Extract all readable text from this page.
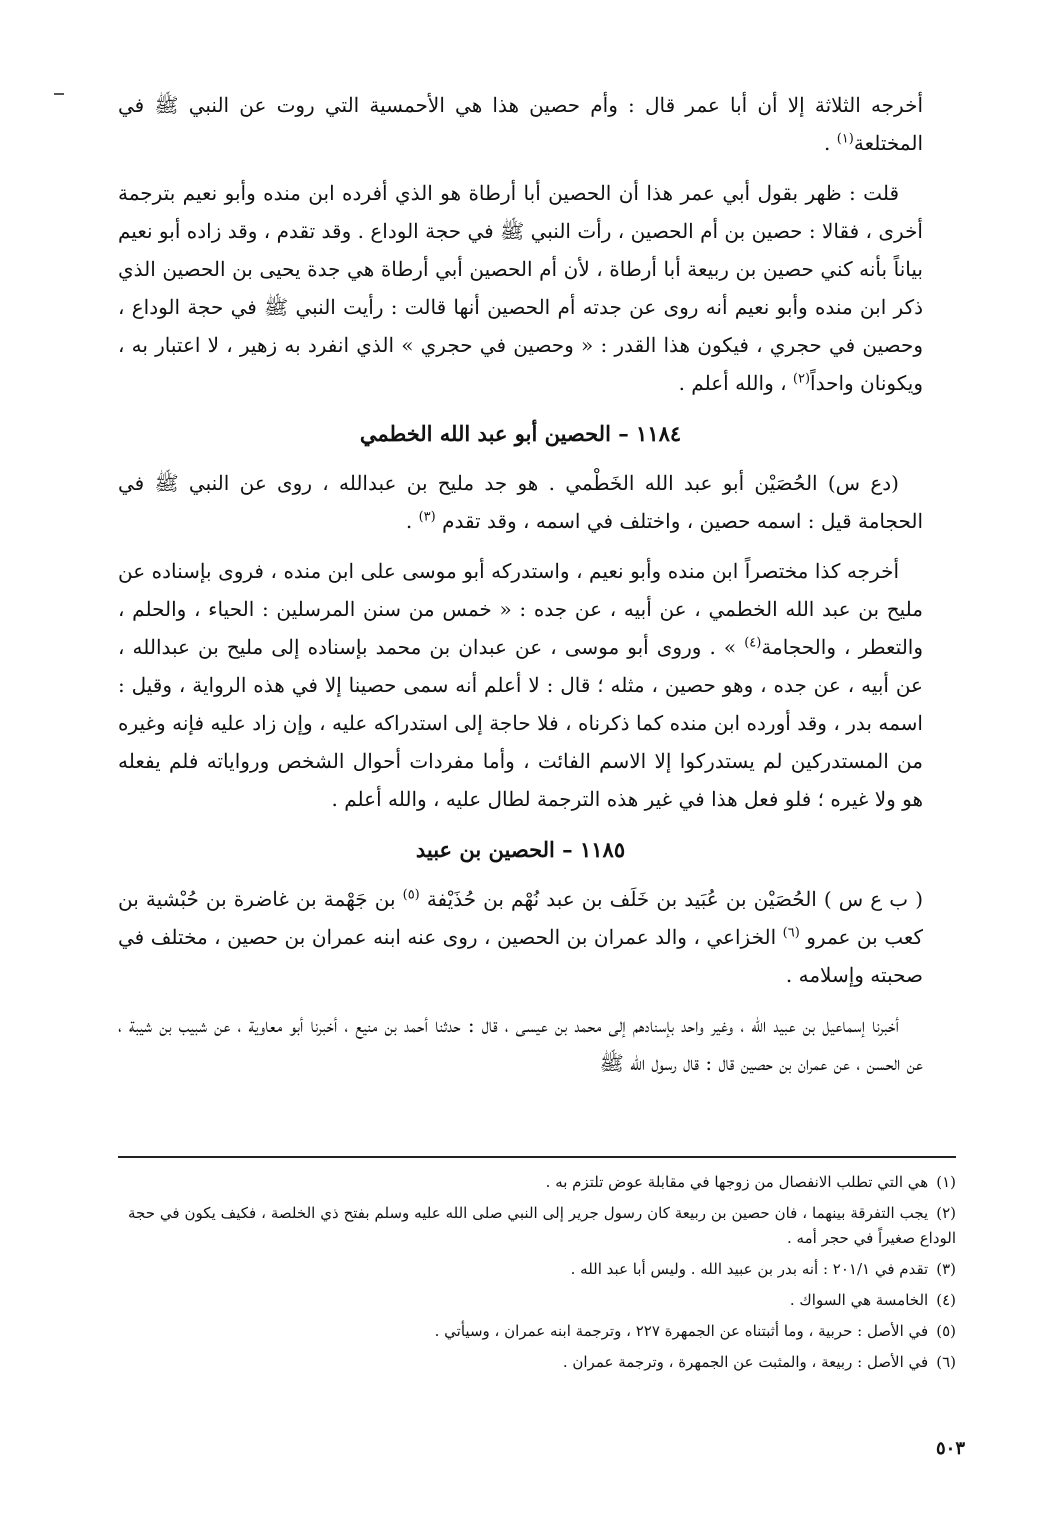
أخرجه الثلاثة إلا أن أبا عمر قال : وأم حصين هذا هي الأحمسية التي روت عن النبي ﷺ في المختلعة$^{(١)}$ .

قلت : ظهر بقول أبي عمر هذا أن الحصين أبا أرطاة هو الذي أفرده ابن منده وأبو نعيم بترجمة أخرى ، فقالا : حصين بن أم الحصين ، رأت النبي ﷺ في حجة الوداع . وقد تقدم ، وقد زاده أبو نعيم بياناً بأنه كني حصين بن ربيعة أبا أرطاة ، لأن أم الحصين أبي أرطاة هي جدة يحيى بن الحصين الذي ذكر ابن منده وأبو نعيم أنه روى عن جدته أم الحصين أنها قالت : رأيت النبي ﷺ في حجة الوداع ، وحصين في حجري ، فيكون هذا القدر : « وحصين في حجري » الذي انفرد به زهير ، لا اعتبار به ، ويكونان واحداً$^{(٢)}$ ، والله أعلم .

١١٨٤ – الحصين أبو عبد الله الخطمي

(دع س) الحُصَيْن أبو عبد الله الخَطْمي . هو جد مليح بن عبدالله ، روى عن النبي ﷺ في الحجامة قيل : اسمه حصين ، واختلف في اسمه ، وقد تقدم $^{(٣)}$ .

أخرجه كذا مختصراً ابن منده وأبو نعيم ، واستدركه أبو موسى على ابن منده ، فروى بإسناده عن مليح بن عبد الله الخطمي ، عن أبيه ، عن جده : « خمس من سنن المرسلين : الحياء ، والحلم ، والتعطر ، والحجامة$^{(٤)}$ » . وروى أبو موسى ، عن عبدان بن محمد بإسناده إلى مليح بن عبدالله ، عن أبيه ، عن جده ، وهو حصين ، مثله ؛ قال : لا أعلم أنه سمى حصينا إلا في هذه الرواية ، وقيل : اسمه بدر ، وقد أورده ابن منده كما ذكرناه ، فلا حاجة إلى استدراكه عليه ، وإن زاد عليه فإنه وغيره من المستدركين لم يستدركوا إلا الاسم الفائت ، وأما مفردات أحوال الشخص ورواياته فلم يفعله هو ولا غيره ؛ فلو فعل هذا في غير هذه الترجمة لطال عليه ، والله أعلم .

١١٨٥ – الحصين بن عبيد

( ب ع س ) الحُصَيْن بن عُبَيد بن خَلَف بن عبد نُهْم بن حُذَيْفة $^{(٥)}$ بن جَهْمة بن غاضرة بن حُبْشية بن كعب بن عمرو $^{(٦)}$ الخزاعي ، والد عمران بن الحصين ، روى عنه ابنه عمران بن حصين ، مختلف في صحبته وإسلامه .

أخبرنا إسماعيل بن عبيد الله ، وغير واحد بإسنادهم إلى محمد بن عيسى ، قال : حدثنا أحمد بن منيع ، أخبرنا أبو معاوية ، عن شبيب بن شيبة ، عن الحسن ، عن عمران بن حصين قال : قال رسول الله ﷺ

(١)هي التي تطلب الانفصال من زوجها في مقابلة عوض تلتزم به .

(٢)يجب التفرقة بينهما ، فان حصين بن ربيعة كان رسول جرير إلى النبي صلى الله عليه وسلم بفتح ذي الخلصة ، فكيف يكون في حجة الوداع صغيراً في حجر أمه .

(٣)تقدم في ٢٠١/١ : أنه بدر بن عبيد الله . وليس أبا عبد الله .

(٤)الخامسة هي السواك .

(٥)في الأصل : حربية ، وما أثبتناه عن الجمهرة ٢٢٧ ، وترجمة ابنه عمران ، وسيأتي .

(٦)في الأصل : ربيعة ، والمثبت عن الجمهرة ، وترجمة عمران .

٥٠٣
